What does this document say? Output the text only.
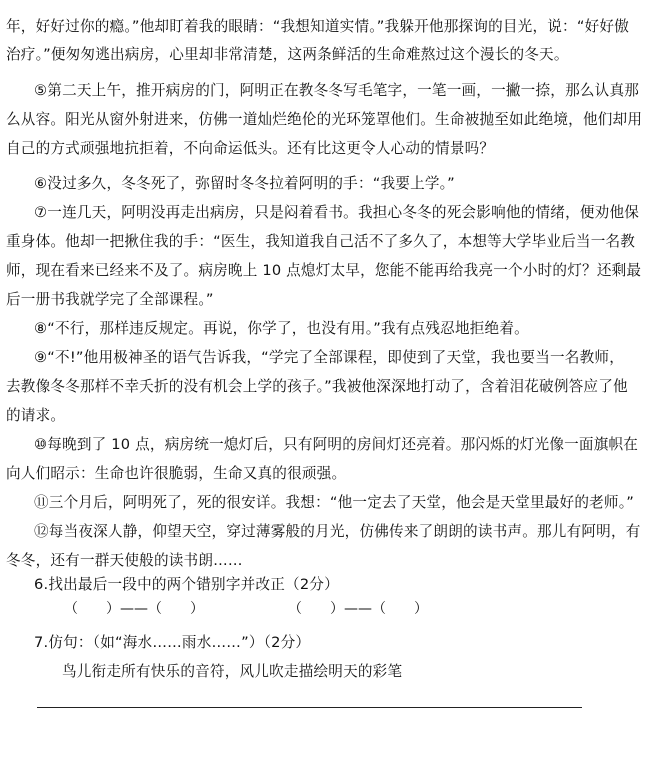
年，好好过你的瘾。”他却盯着我的眼睛：“我想知道实情。”我躲开他那探询的目光，说：“好好傲
治疗。”便匆匆逃出病房，心里却非常清楚，这两条鲜活的生命难熬过这个漫长的冬天。
⑤第二天上午，推开病房的门，阿明正在教冬冬写毛笔字，一笔一画，一撇一捺，那么认真那
么从容。阳光从窗外射进来，仿佛一道灿烂绝伦的光环笼罩他们。生命被抛至如此绝境，他们却用
自己的方式顽强地抗拒着，不向命运低头。还有比这更令人心动的情景吗？
⑥没过多久，冬冬死了，弥留时冬冬拉着阿明的手：“我要上学。”
⑦一连几天，阿明没再走出病房，只是闷着看书。我担心冬冬的死会影响他的情绪，便劝他保
重身体。他却一把揪住我的手：“医生，我知道我自己活不了多久了，本想等大学毕业后当一名教
师，现在看来已经来不及了。病房晚上 10 点熄灯太早，您能不能再给我亮一个小时的灯？还剩最
后一册书我就学完了全部课程。”
⑧“不行，那样违反规定。再说，你学了，也没有用。”我有点残忍地拒绝着。
⑨“不!”他用极神圣的语气告诉我，“学完了全部课程，即使到了天堂，我也要当一名教师，
去教像冬冬那样不幸夭折的没有机会上学的孩子。”我被他深深地打动了，含着泪花破例答应了他
的请求。
⑩每晚到了 10 点，病房统一熄灯后，只有阿明的房间灯还亮着。那闪烁的灯光像一面旗帜在
向人们昭示：生命也许很脆弱，生命又真的很顽强。
⑪三个月后，阿明死了，死的很安详。我想：“他一定去了天堂，他会是天堂里最好的老师。”
⑫每当夜深人静，仰望天空，穿过薄雾般的月光，仿佛传来了朗朗的读书声。那儿有阿明，有
冬冬，还有一群天使般的读书朗……
6.找出最后一段中的两个错别字并改正（2分）
（　　）——（　　）	（　　）——（　　）
7.仿句：（如“海水……雨水……”）（2分）
鸟儿衔走所有快乐的音符，风儿吹走描绘明天的彩笔
